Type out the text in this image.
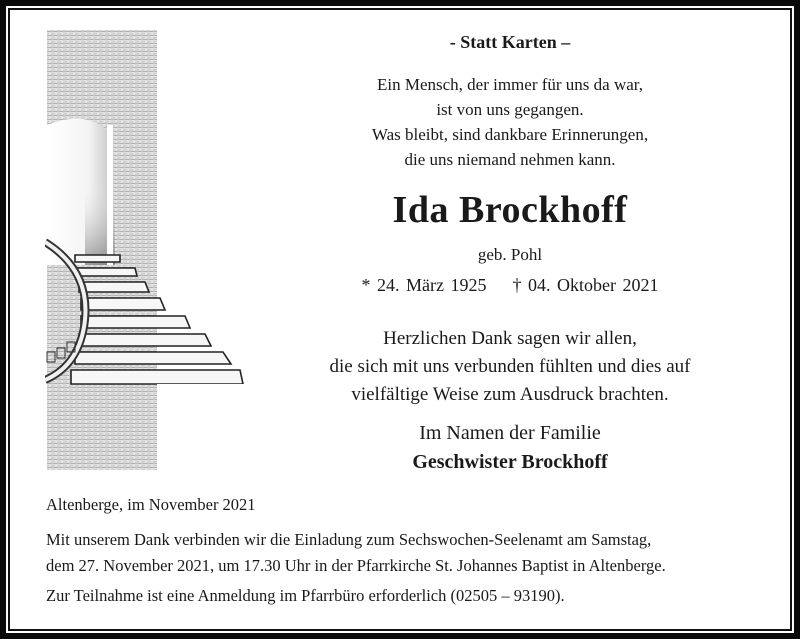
- Statt Karten –
Ein Mensch, der immer für uns da war,
ist von uns gegangen.
Was bleibt, sind dankbare Erinnerungen,
die uns niemand nehmen kann.
Ida Brockhoff
geb. Pohl
* 24. März 1925 † 04. Oktober 2021
Herzlichen Dank sagen wir allen,
die sich mit uns verbunden fühlten und dies auf
vielfältige Weise zum Ausdruck brachten.
Im Namen der Familie
Geschwister Brockhoff
Altenberge, im November 2021
Mit unserem Dank verbinden wir die Einladung zum Sechswochen-Seelenamt am Samstag,
dem 27. November 2021, um 17.30 Uhr in der Pfarrkirche St. Johannes Baptist in Altenberge.
Zur Teilnahme ist eine Anmeldung im Pfarrbüro erforderlich (02505 – 93190).
